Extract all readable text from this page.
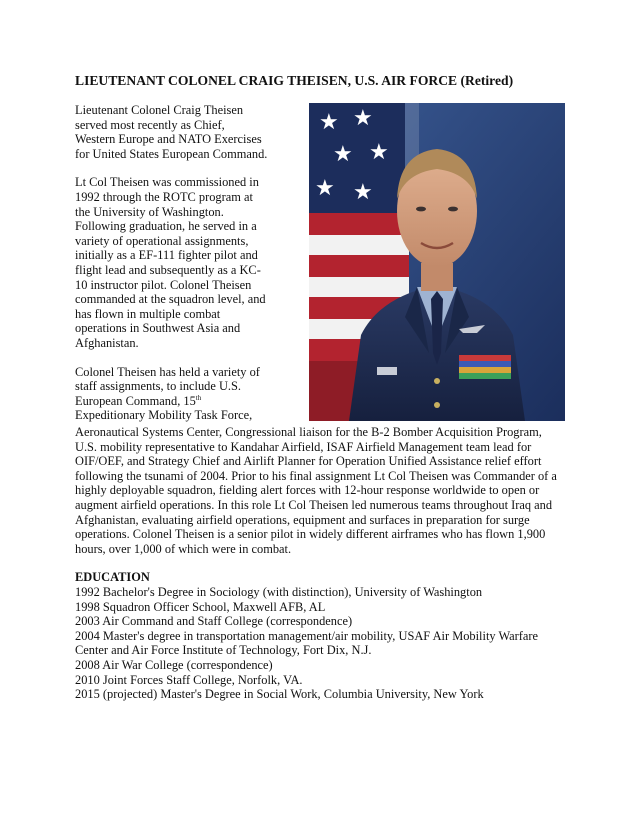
LIEUTENANT COLONEL CRAIG THEISEN, U.S. AIR FORCE (Retired)
★ ★
★ ★
★ ★

Lieutenant Colonel Craig Theisen
served most recently as Chief,
Western Europe and NATO Exercises
for United States European Command.

Lt Col Theisen was commissioned in
1992 through the ROTC program at
the University of Washington.
Following graduation, he served in a
variety of operational assignments,
initially as a EF-111 fighter pilot and
flight lead and subsequently as a KC-
10 instructor pilot. Colonel Theisen
commanded at the squadron level, and
has flown in multiple combat
operations in Southwest Asia and
Afghanistan.

Colonel Theisen has held a variety of
staff assignments, to include U.S.
European Command, 15th
Expeditionary Mobility Task Force,

Aeronautical Systems Center, Congressional liaison for the B-2 Bomber Acquisition Program, U.S. mobility representative to Kandahar Airfield, ISAF Airfield Management team lead for OIF/OEF, and Strategy Chief and Airlift Planner for Operation Unified Assistance relief effort following the tsunami of 2004. Prior to his final assignment Lt Col Theisen was Commander of a highly deployable squadron, fielding alert forces with 12-hour response worldwide to open or augment airfield operations. In this role Lt Col Theisen led numerous teams throughout Iraq and Afghanistan, evaluating airfield operations, equipment and surfaces in preparation for surge operations. Colonel Theisen is a senior pilot in widely different airframes who has flown 1,900 hours, over 1,000 of which were in combat.
EDUCATION
1992 Bachelor's Degree in Sociology (with distinction), University of Washington
1998 Squadron Officer School, Maxwell AFB, AL
2003 Air Command and Staff College (correspondence)
2004 Master's degree in transportation management/air mobility, USAF Air Mobility Warfare Center and Air Force Institute of Technology, Fort Dix, N.J.
2008 Air War College (correspondence)
2010 Joint Forces Staff College, Norfolk, VA.
2015 (projected) Master's Degree in Social Work, Columbia University, New York
